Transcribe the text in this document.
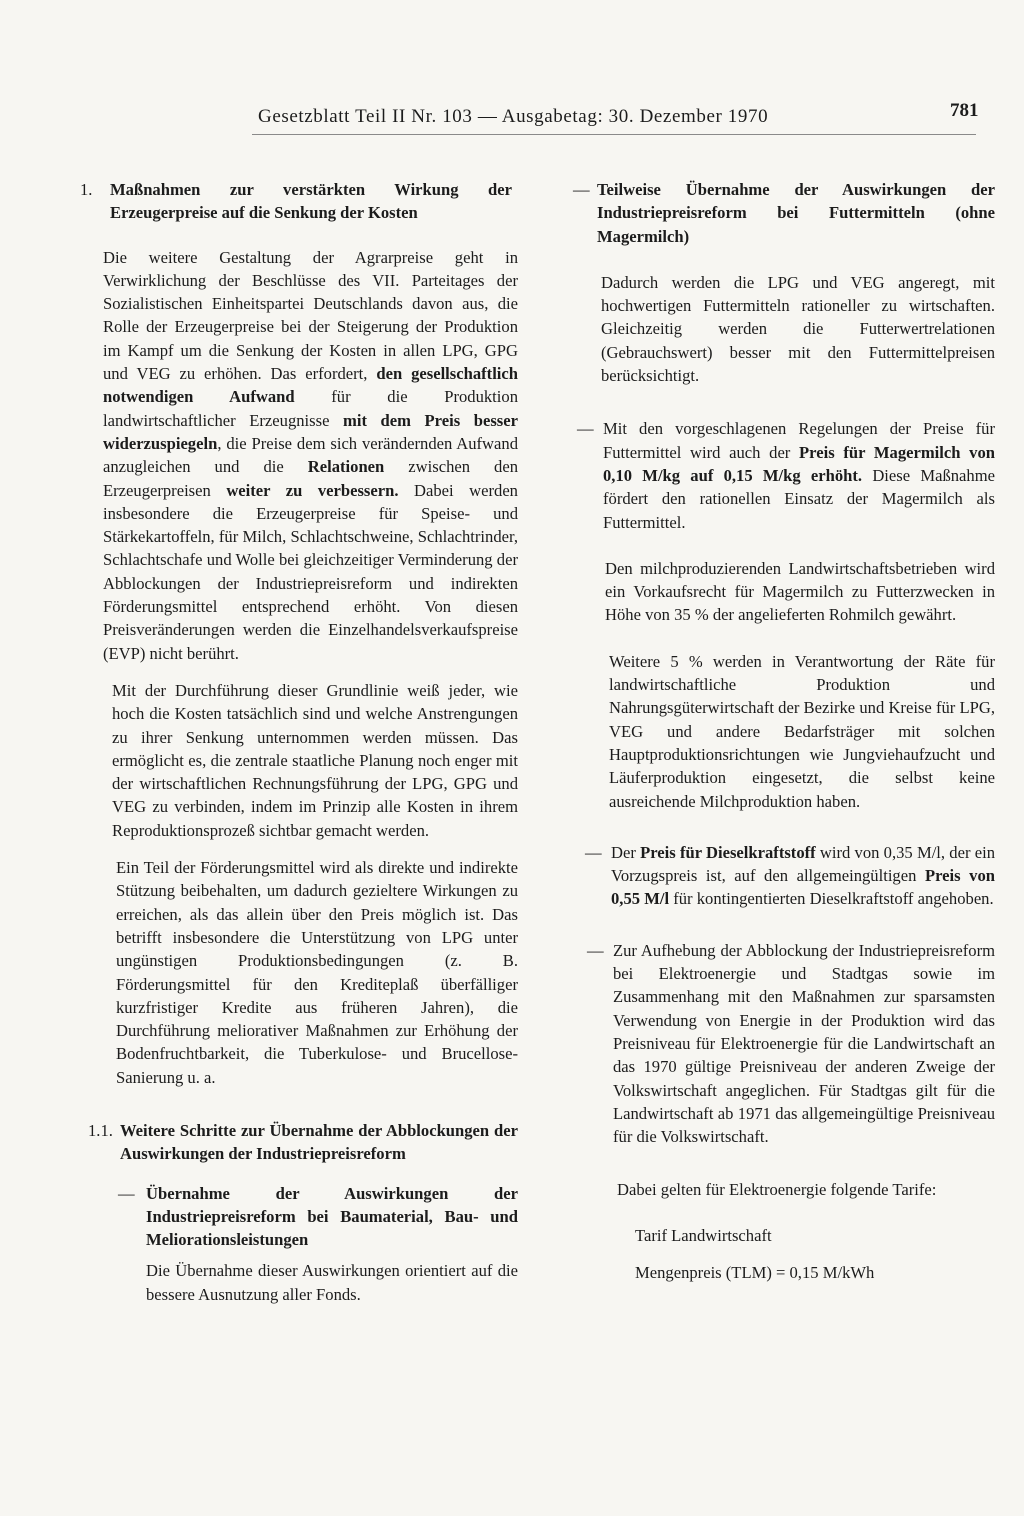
Gesetzblatt Teil II Nr. 103 — Ausgabetag: 30. Dezember 1970	781
1. Maßnahmen zur verstärkten Wirkung der Erzeugerpreise auf die Senkung der Kosten

Die weitere Gestaltung der Agrarpreise geht in Verwirklichung der Beschlüsse des VII. Parteitages der Sozialistischen Einheitspartei Deutschlands davon aus, die Rolle der Erzeugerpreise bei der Steigerung der Produktion im Kampf um die Senkung der Kosten in allen LPG, GPG und VEG zu erhöhen. Das erfordert, den gesellschaftlich notwendigen Aufwand für die Produktion landwirtschaftlicher Erzeugnisse mit dem Preis besser widerzuspiegeln, die Preise dem sich verändernden Aufwand anzugleichen und die Relationen zwischen den Erzeugerpreisen weiter zu verbessern. Dabei werden insbesondere die Erzeugerpreise für Speise- und Stärkekartoffeln, für Milch, Schlachtschweine, Schlachtrinder, Schlachtschafe und Wolle bei gleichzeitiger Verminderung der Abblockungen der Industriepreisreform und indirekten Förderungsmittel entsprechend erhöht. Von diesen Preisveränderungen werden die Einzelhandelsverkaufspreise (EVP) nicht berührt.

Mit der Durchführung dieser Grundlinie weiß jeder, wie hoch die Kosten tatsächlich sind und welche Anstrengungen zu ihrer Senkung unternommen werden müssen. Das ermöglicht es, die zentrale staatliche Planung noch enger mit der wirtschaftlichen Rechnungsführung der LPG, GPG und VEG zu verbinden, indem im Prinzip alle Kosten in ihrem Reproduktionsprozeß sichtbar gemacht werden.

Ein Teil der Förderungsmittel wird als direkte und indirekte Stützung beibehalten, um dadurch gezieltere Wirkungen zu erreichen, als das allein über den Preis möglich ist. Das betrifft insbesondere die Unterstützung von LPG unter ungünstigen Produktionsbedingungen (z. B. Förderungsmittel für den Kreditерlaß überfälliger kurzfristiger Kredite aus früheren Jahren), die Durchführung meliorativer Maßnahmen zur Erhöhung der Bodenfruchtbarkeit, die Tuberkulose- und Brucellose-Sanierung u. a.

1.1. Weitere Schritte zur Übernahme der Abblockungen der Auswirkungen der Industriepreisreform

— Übernahme der Auswirkungen der Industriepreisreform bei Baumaterial, Bau- und Meliorationsleistungen

Die Übernahme dieser Auswirkungen orientiert auf die bessere Ausnutzung aller Fonds.

— Teilweise Übernahme der Auswirkungen der Industriepreisreform bei Futtermitteln (ohne Magermilch)

Dadurch werden die LPG und VEG angeregt, mit hochwertigen Futtermitteln rationeller zu wirtschaften. Gleichzeitig werden die Futterwertrelationen (Gebrauchswert) besser mit den Futtermittelpreisen berücksichtigt.

— Mit den vorgeschlagenen Regelungen der Preise für Futtermittel wird auch der Preis für Magermilch von 0,10 M/kg auf 0,15 M/kg erhöht. Diese Maßnahme fördert den rationellen Einsatz der Magermilch als Futtermittel.

Den milchproduzierenden Landwirtschaftsbetrieben wird ein Vorkaufsrecht für Magermilch zu Futterzwecken in Höhe von 35 % der angelieferten Rohmilch gewährt.

Weitere 5 % werden in Verantwortung der Räte für landwirtschaftliche Produktion und Nahrungsgüterwirtschaft der Bezirke und Kreise für LPG, VEG und andere Bedarfsträger mit solchen Hauptproduktionsrichtungen wie Jungviehaufzucht und Läuferproduktion eingesetzt, die selbst keine ausreichende Milchproduktion haben.

— Der Preis für Dieselkraftstoff wird von 0,35 M/l, der ein Vorzugspreis ist, auf den allgemeingültigen Preis von 0,55 M/l für kontingentierten Dieselkraftstoff angehoben.

— Zur Aufhebung der Abblockung der Industriepreisreform bei Elektroenergie und Stadtgas sowie im Zusammenhang mit den Maßnahmen zur sparsamsten Verwendung von Energie in der Produktion wird das Preisniveau für Elektroenergie für die Landwirtschaft an das 1970 gültige Preisniveau der anderen Zweige der Volkswirtschaft angeglichen. Für Stadtgas gilt für die Landwirtschaft ab 1971 das allgemeingültige Preisniveau für die Volkswirtschaft.

Dabei gelten für Elektroenergie folgende Tarife:

Tarif Landwirtschaft

Mengenpreis (TLM) = 0,15 M/kWh
